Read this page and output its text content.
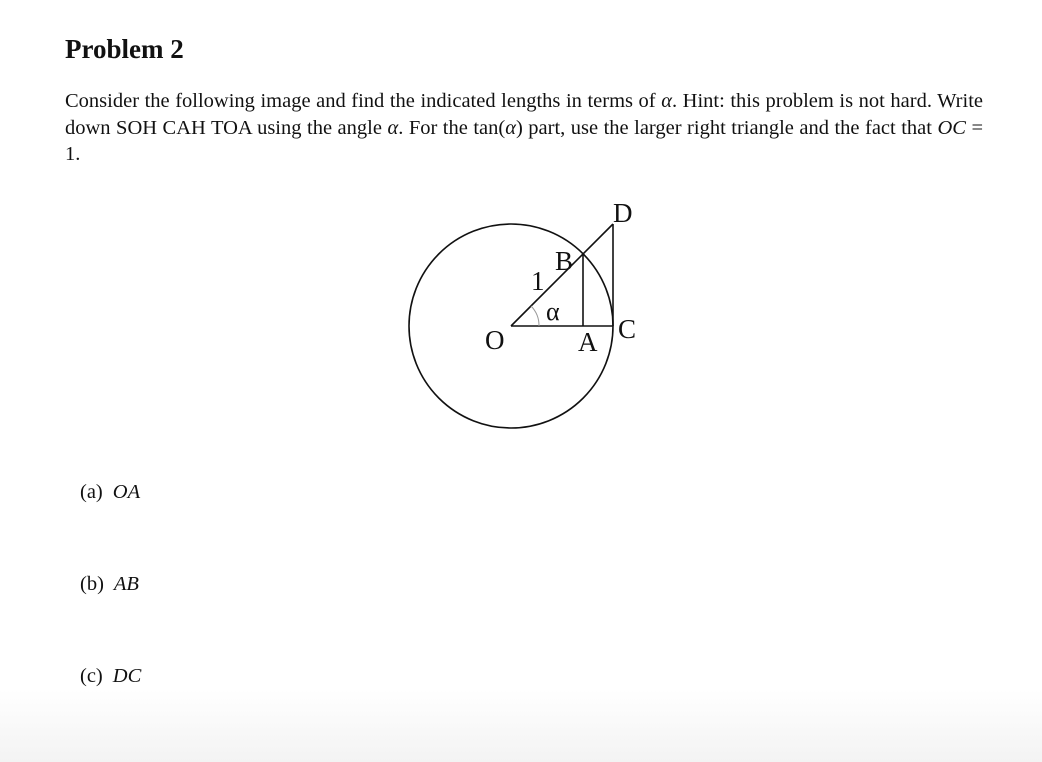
Problem 2

Consider the following image and find the indicated lengths in terms of α. Hint: this problem is not hard. Write down SOH CAH TOA using the angle α. For the tan(α) part, use the larger right triangle and the fact that OC = 1.

D
B
1
α
O	A C
(a) OA
(b) AB
(c) DC
